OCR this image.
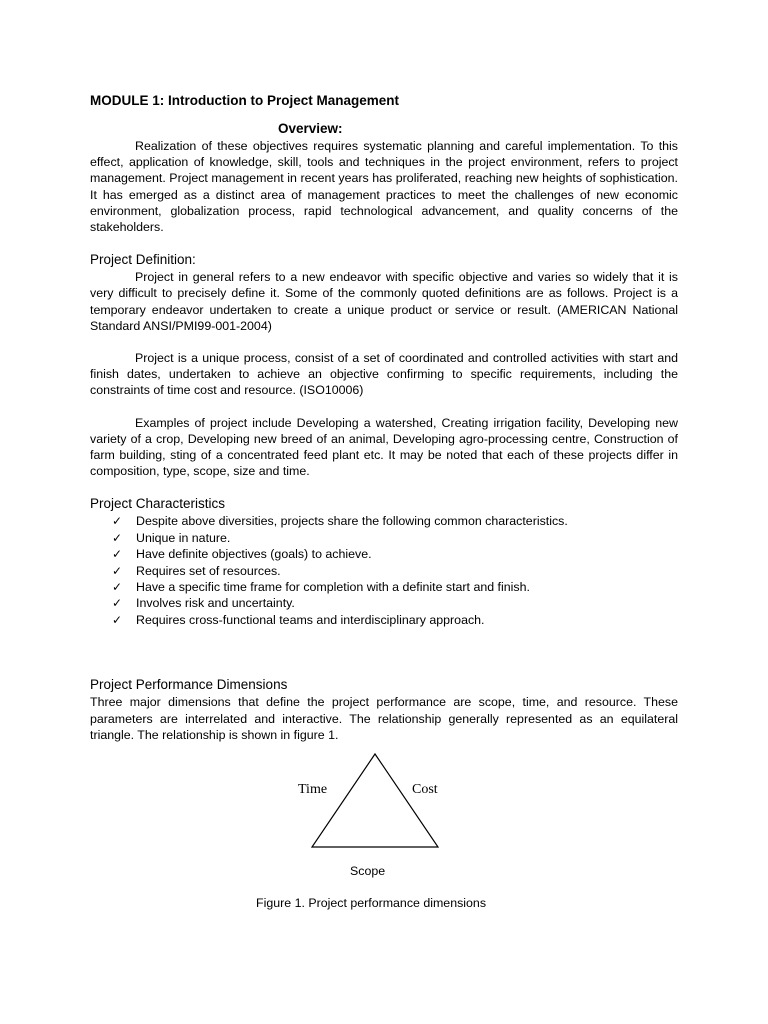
MODULE 1: Introduction to Project Management
Overview:

Realization of these objectives requires systematic planning and careful implementation. To this effect, application of knowledge, skill, tools and techniques in the project environment, refers to project management. Project management in recent years has proliferated, reaching new heights of sophistication. It has emerged as a distinct area of management practices to meet the challenges of new economic environment, globalization process, rapid technological advancement, and quality concerns of the stakeholders.

Project Definition:

Project in general refers to a new endeavor with specific objective and varies so widely that it is very difficult to precisely define it. Some of the commonly quoted definitions are as follows. Project is a temporary endeavor undertaken to create a unique product or service or result. (AMERICAN National Standard ANSI/PMI99-001-2004)

Project is a unique process, consist of a set of coordinated and controlled activities with start and finish dates, undertaken to achieve an objective confirming to specific requirements, including the constraints of time cost and resource. (ISO10006)

Examples of project include Developing a watershed, Creating irrigation facility, Developing new variety of a crop, Developing new breed of an animal, Developing agro-processing centre, Construction of farm building, sting of a concentrated feed plant etc. It may be noted that each of these projects differ in composition, type, scope, size and time.

Project Characteristics
✓ Despite above diversities, projects share the following common characteristics.
✓ Unique in nature.
✓ Have definite objectives (goals) to achieve.
✓ Requires set of resources.
✓ Have a specific time frame for completion with a definite start and finish.
✓ Involves risk and uncertainty.
✓ Requires cross-functional teams and interdisciplinary approach.
Project Performance Dimensions

Three major dimensions that define the project performance are scope, time, and resource. These parameters are interrelated and interactive. The relationship generally represented as an equilateral triangle. The relationship is shown in figure 1.

Time	Cost
Scope
Figure 1. Project performance dimensions
